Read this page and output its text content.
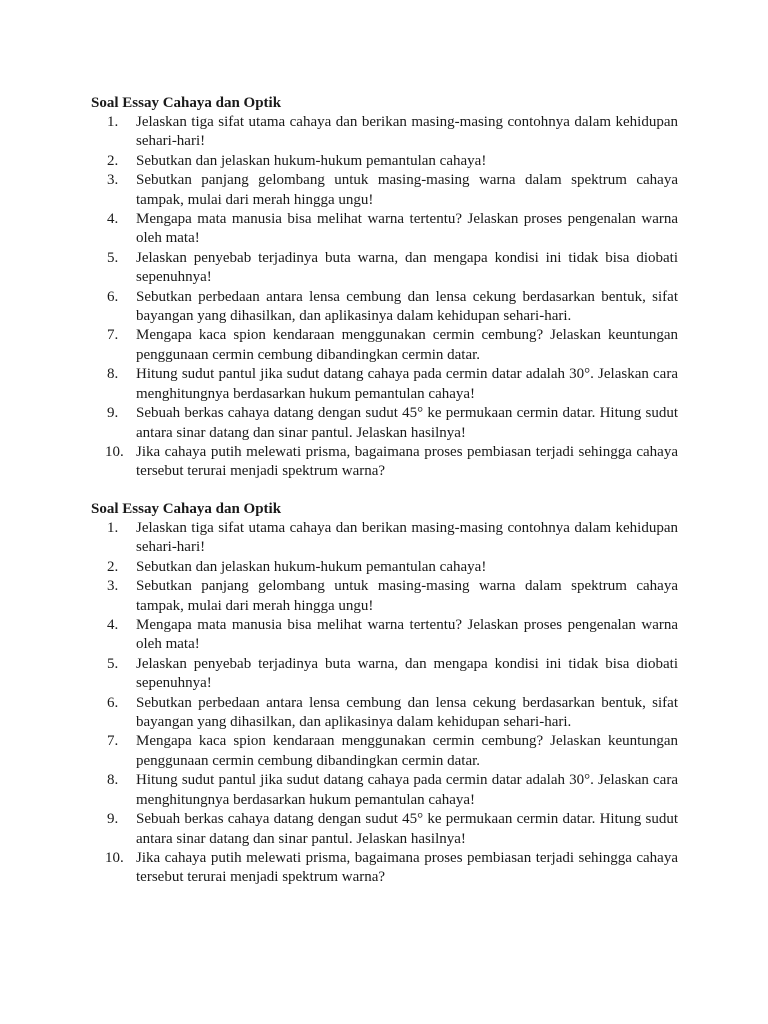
Soal Essay Cahaya dan Optik
1.	Jelaskan tiga sifat utama cahaya dan berikan masing-masing contohnya dalam kehidupan sehari-hari!
2.	Sebutkan dan jelaskan hukum-hukum pemantulan cahaya!
3.	Sebutkan panjang gelombang untuk masing-masing warna dalam spektrum cahaya tampak, mulai dari merah hingga ungu!
4.	Mengapa mata manusia bisa melihat warna tertentu? Jelaskan proses pengenalan warna oleh mata!
5.	Jelaskan penyebab terjadinya buta warna, dan mengapa kondisi ini tidak bisa diobati sepenuhnya!
6.	Sebutkan perbedaan antara lensa cembung dan lensa cekung berdasarkan bentuk, sifat bayangan yang dihasilkan, dan aplikasinya dalam kehidupan sehari-hari.
7.	Mengapa kaca spion kendaraan menggunakan cermin cembung? Jelaskan keuntungan penggunaan cermin cembung dibandingkan cermin datar.
8.	Hitung sudut pantul jika sudut datang cahaya pada cermin datar adalah 30°. Jelaskan cara menghitungnya berdasarkan hukum pemantulan cahaya!
9.	Sebuah berkas cahaya datang dengan sudut 45° ke permukaan cermin datar. Hitung sudut antara sinar datang dan sinar pantul. Jelaskan hasilnya!
10. Jika cahaya putih melewati prisma, bagaimana proses pembiasan terjadi sehingga cahaya tersebut terurai menjadi spektrum warna?
Soal Essay Cahaya dan Optik
1.	Jelaskan tiga sifat utama cahaya dan berikan masing-masing contohnya dalam kehidupan sehari-hari!
2.	Sebutkan dan jelaskan hukum-hukum pemantulan cahaya!
3.	Sebutkan panjang gelombang untuk masing-masing warna dalam spektrum cahaya tampak, mulai dari merah hingga ungu!
4.	Mengapa mata manusia bisa melihat warna tertentu? Jelaskan proses pengenalan warna oleh mata!
5.	Jelaskan penyebab terjadinya buta warna, dan mengapa kondisi ini tidak bisa diobati sepenuhnya!
6.	Sebutkan perbedaan antara lensa cembung dan lensa cekung berdasarkan bentuk, sifat bayangan yang dihasilkan, dan aplikasinya dalam kehidupan sehari-hari.
7.	Mengapa kaca spion kendaraan menggunakan cermin cembung? Jelaskan keuntungan penggunaan cermin cembung dibandingkan cermin datar.
8.	Hitung sudut pantul jika sudut datang cahaya pada cermin datar adalah 30°. Jelaskan cara menghitungnya berdasarkan hukum pemantulan cahaya!
9.	Sebuah berkas cahaya datang dengan sudut 45° ke permukaan cermin datar. Hitung sudut antara sinar datang dan sinar pantul. Jelaskan hasilnya!
10. Jika cahaya putih melewati prisma, bagaimana proses pembiasan terjadi sehingga cahaya tersebut terurai menjadi spektrum warna?
